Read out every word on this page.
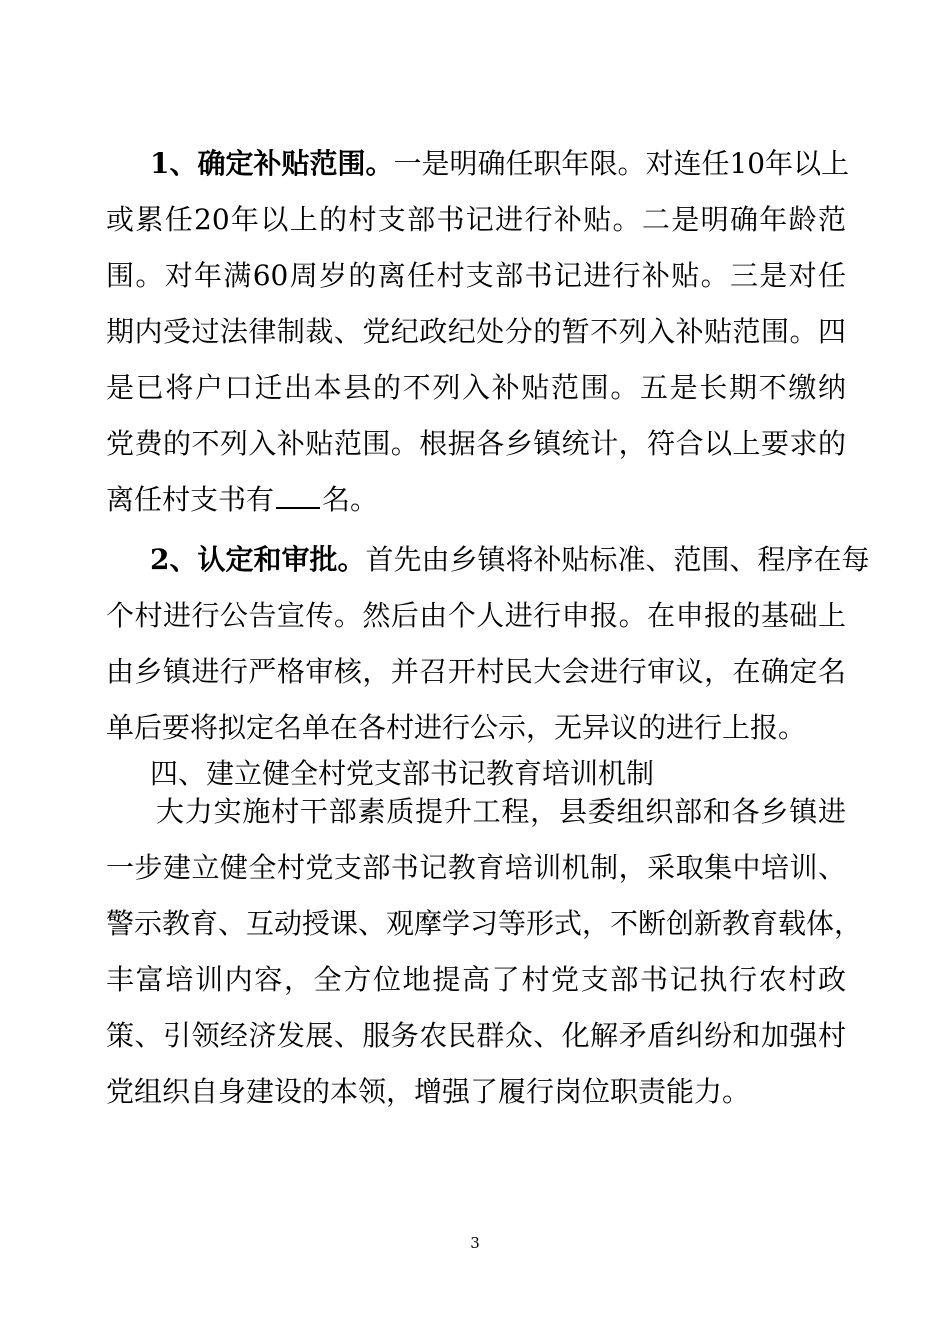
1、确定补贴范围。一是明确任职年限。对连任10年以上
或累任20年以上的村支部书记进行补贴。二是明确年龄范
围。对年满60周岁的离任村支部书记进行补贴。三是对任
期内受过法律制裁、党纪政纪处分的暂不列入补贴范围。四
是已将户口迁出本县的不列入补贴范围。五是长期不缴纳
党费的不列入补贴范围。根据各乡镇统计，符合以上要求的
离任村支书有 名。
2、认定和审批。首先由乡镇将补贴标准、范围、程序在每
个村进行公告宣传。然后由个人进行申报。在申报的基础上
由乡镇进行严格审核，并召开村民大会进行审议，在确定名
单后要将拟定名单在各村进行公示，无异议的进行上报。
四、建立健全村党支部书记教育培训机制
大力实施村干部素质提升工程，县委组织部和各乡镇进
一步建立健全村党支部书记教育培训机制，采取集中培训、
警示教育、互动授课、观摩学习等形式，不断创新教育载体，
丰富培训内容，全方位地提高了村党支部书记执行农村政
策、引领经济发展、服务农民群众、化解矛盾纠纷和加强村
党组织自身建设的本领，增强了履行岗位职责能力。
3
